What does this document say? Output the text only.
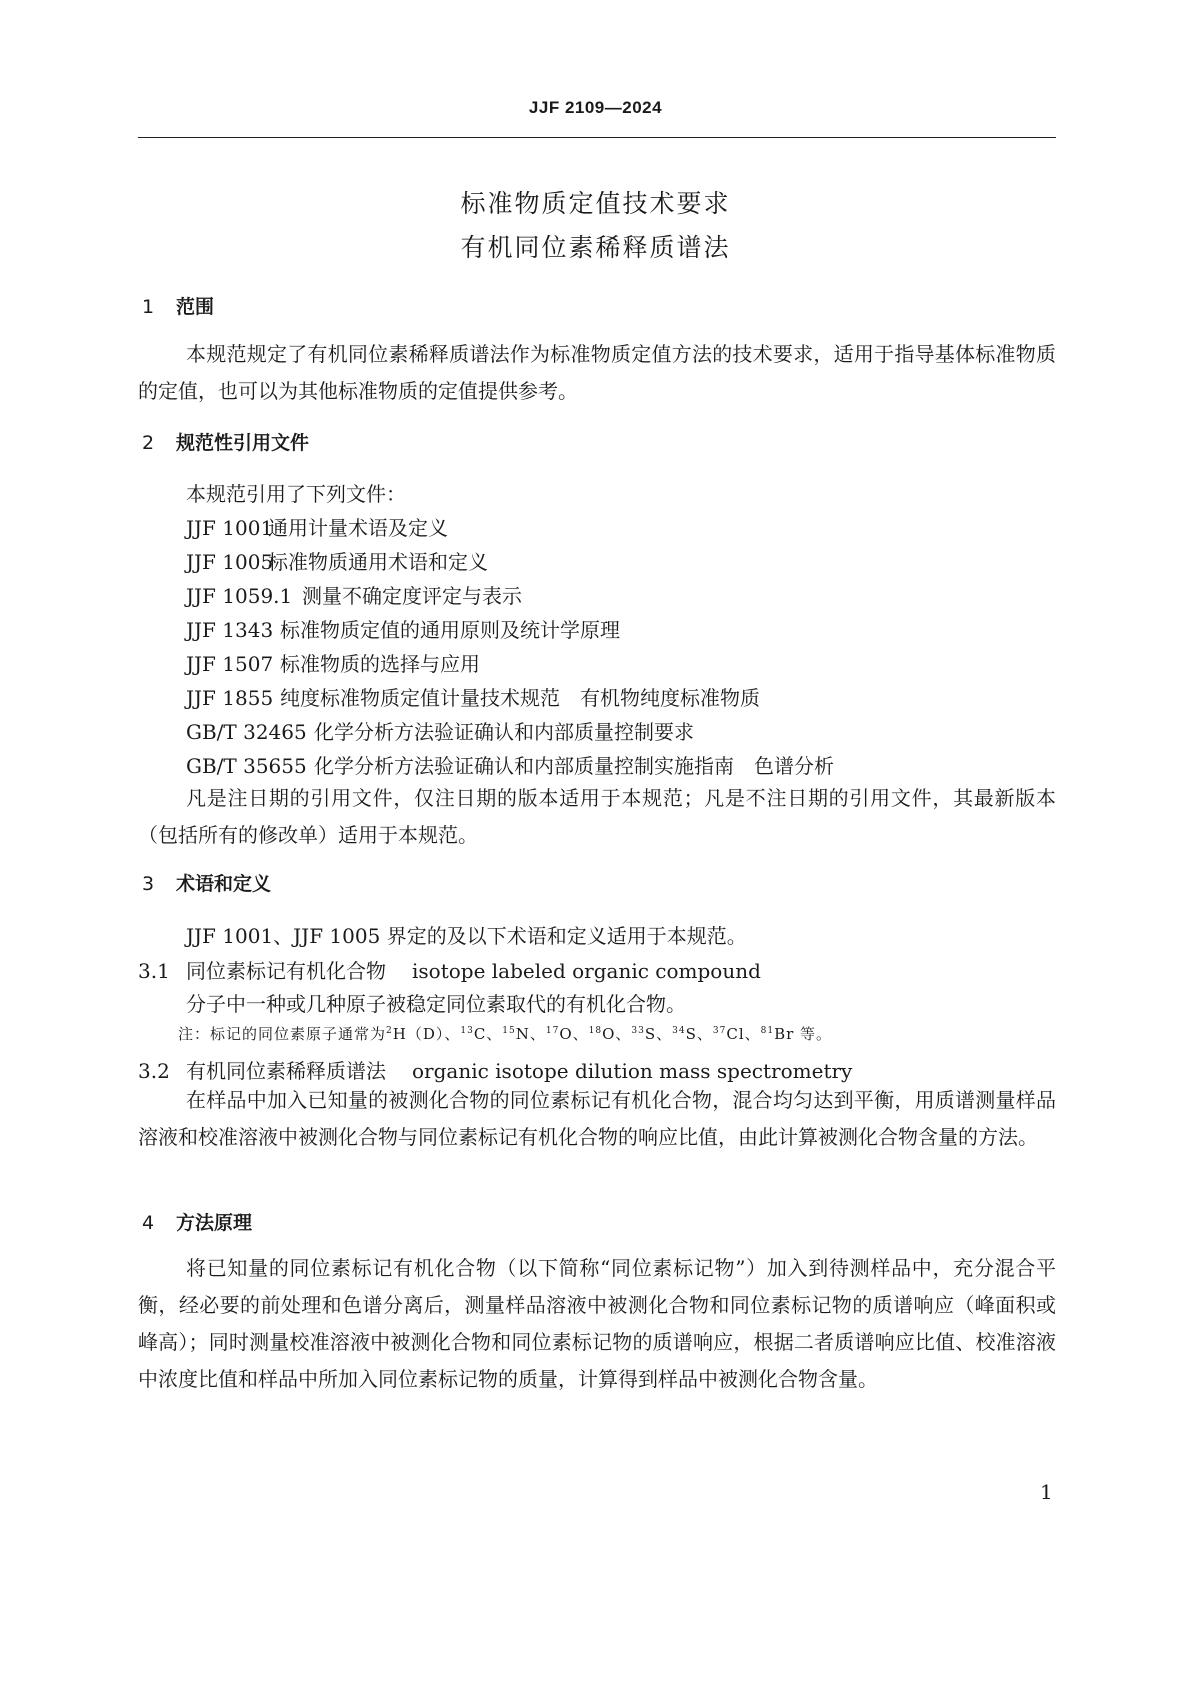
JJF 2109—2024
标准物质定值技术要求
有机同位素稀释质谱法
1 范围
本规范规定了有机同位素稀释质谱法作为标准物质定值方法的技术要求，适用于指导基体标准物质的定值，也可以为其他标准物质的定值提供参考。
2 规范性引用文件
本规范引用了下列文件：
JJF 1001通用计量术语及定义
JJF 1005标准物质通用术语和定义
JJF 1059.1 测量不确定度评定与表示
JJF 1343 标准物质定值的通用原则及统计学原理
JJF 1507 标准物质的选择与应用
JJF 1855 纯度标准物质定值计量技术规范　有机物纯度标准物质
GB/T 32465 化学分析方法验证确认和内部质量控制要求
GB/T 35655 化学分析方法验证确认和内部质量控制实施指南　色谱分析
凡是注日期的引用文件，仅注日期的版本适用于本规范；凡是不注日期的引用文件，其最新版本（包括所有的修改单）适用于本规范。
3 术语和定义
JJF 1001、JJF 1005 界定的及以下术语和定义适用于本规范。
3.1 同位素标记有机化合物 isotope labeled organic compound
分子中一种或几种原子被稳定同位素取代的有机化合物。
注：标记的同位素原子通常为$^2$H（D）、$^{13}$C、$^{15}$N、$^{17}$O、$^{18}$O、$^{33}$S、$^{34}$S、$^{37}$Cl、$^{81}$Br 等。
3.2 有机同位素稀释质谱法 organic isotope dilution mass spectrometry
在样品中加入已知量的被测化合物的同位素标记有机化合物，混合均匀达到平衡，用质谱测量样品溶液和校准溶液中被测化合物与同位素标记有机化合物的响应比值，由此计算被测化合物含量的方法。
4 方法原理
将已知量的同位素标记有机化合物（以下简称“同位素标记物”）加入到待测样品中，充分混合平衡，经必要的前处理和色谱分离后，测量样品溶液中被测化合物和同位素标记物的质谱响应（峰面积或峰高）；同时测量校准溶液中被测化合物和同位素标记物的质谱响应，根据二者质谱响应比值、校准溶液中浓度比值和样品中所加入同位素标记物的质量，计算得到样品中被测化合物含量。
1
